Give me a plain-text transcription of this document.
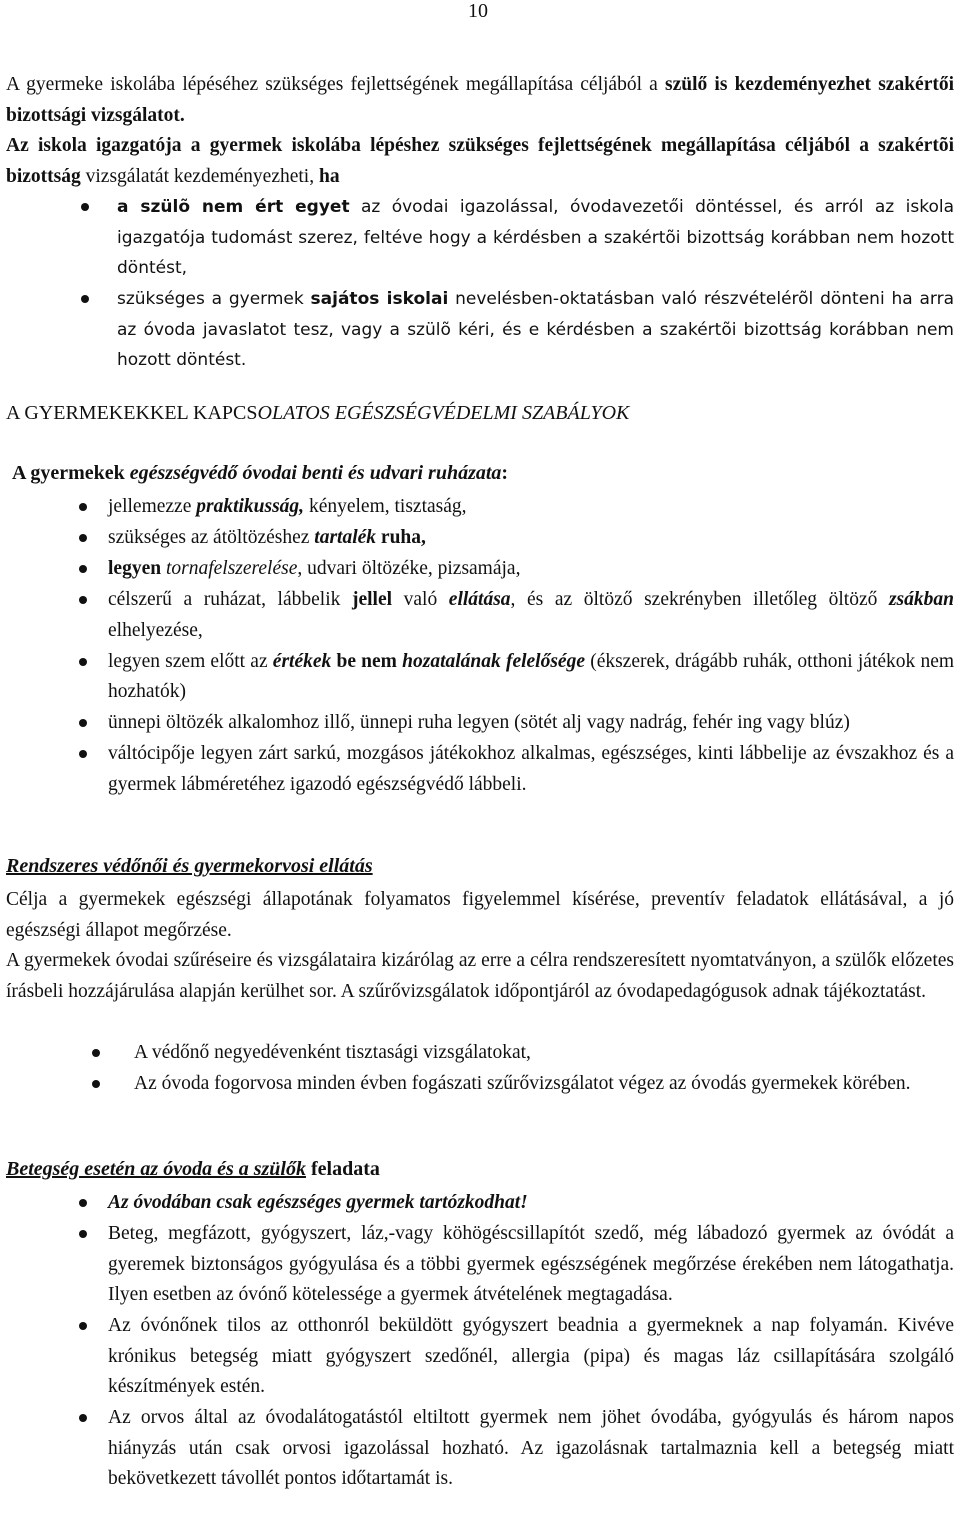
10

A gyermeke iskolába lépéséhez szükséges fejlettségének megállapítása céljából a szülő is kezdeményezhet szakértői bizottsági vizsgálatot.

Az iskola igazgatója a gyermek iskolába lépéshez szükséges fejlettségének megállapítása céljából a szakértõi bizottság vizsgálatát kezdeményezheti, ha

a szülõ nem ért egyet az óvodai igazolással, óvodavezetői döntéssel, és arról az iskola igazgatója tudomást szerez, feltéve hogy a kérdésben a szakértõi bizottság korábban nem hozott döntést,
szükséges a gyermek sajátos iskolai nevelésben-oktatásban való részvételérõl dönteni ha arra az óvoda javaslatot tesz, vagy a szülõ kéri, és e kérdésben a szakértõi bizottság korábban nem hozott döntést.
A GYERMEKEKKEL KAPCSOLATOS EGÉSZSÉGVÉDELMI SZABÁLYOK
A gyermekek egészségvédő óvodai benti és udvari ruházata:
jellemezze praktikusság, kényelem, tisztaság,
szükséges az átöltözéshez tartalék ruha,
legyen tornafelszerelése, udvari öltözéke, pizsamája,
célszerű a ruházat, lábbelik jellel való ellátása, és az öltöző szekrényben illetőleg öltöző zsákban elhelyezése,
legyen szem előtt az értékek be nem hozatalának felelősége (ékszerek, drágább ruhák, otthoni játékok nem hozhatók)
ünnepi öltözék alkalomhoz illő, ünnepi ruha legyen (sötét alj vagy nadrág, fehér ing vagy blúz)
váltócipője legyen zárt sarkú, mozgásos játékokhoz alkalmas, egészséges, kinti lábbelije az évszakhoz és a gyermek lábméretéhez igazodó egészségvédő lábbeli.
Rendszeres védőnői és gyermekorvosi ellátás

Célja a gyermekek egészségi állapotának folyamatos figyelemmel kísérése, preventív feladatok ellátásával, a jó egészségi állapot megőrzése.

A gyermekek óvodai szűréseire és vizsgálataira kizárólag az erre a célra rendszeresített nyomtatványon, a szülők előzetes írásbeli hozzájárulása alapján kerülhet sor. A szűrővizsgálatok időpontjáról az óvodapedagógusok adnak tájékoztatást.

A védőnő negyedévenként tisztasági vizsgálatokat,
Az óvoda fogorvosa minden évben fogászati szűrővizsgálatot végez az óvodás gyermekek körében.
Betegség esetén az óvoda és a szülők feladata
Az óvodában csak egészséges gyermek tartózkodhat!
Beteg, megfázott, gyógyszert, láz,-vagy köhögéscsillapítót szedő, még lábadozó gyermek az óvódát a gyeremek biztonságos gyógyulása és a többi gyermek egészségének megőrzése érekében nem látogathatja. Ilyen esetben az óvónő kötelessége a gyermek átvételének megtagadása.
Az óvónőnek tilos az otthonról beküldött gyógyszert beadnia a gyermeknek a nap folyamán. Kivéve krónikus betegség miatt gyógyszert szedőnél, allergia (pipa) és magas láz csillapítására szolgáló készítmények estén.
Az orvos által az óvodalátogatástól eltiltott gyermek nem jöhet óvodába, gyógyulás és három napos hiányzás után csak orvosi igazolással hozható. Az igazolásnak tartalmaznia kell a betegség miatt bekövetkezett távollét pontos időtartamát is.
